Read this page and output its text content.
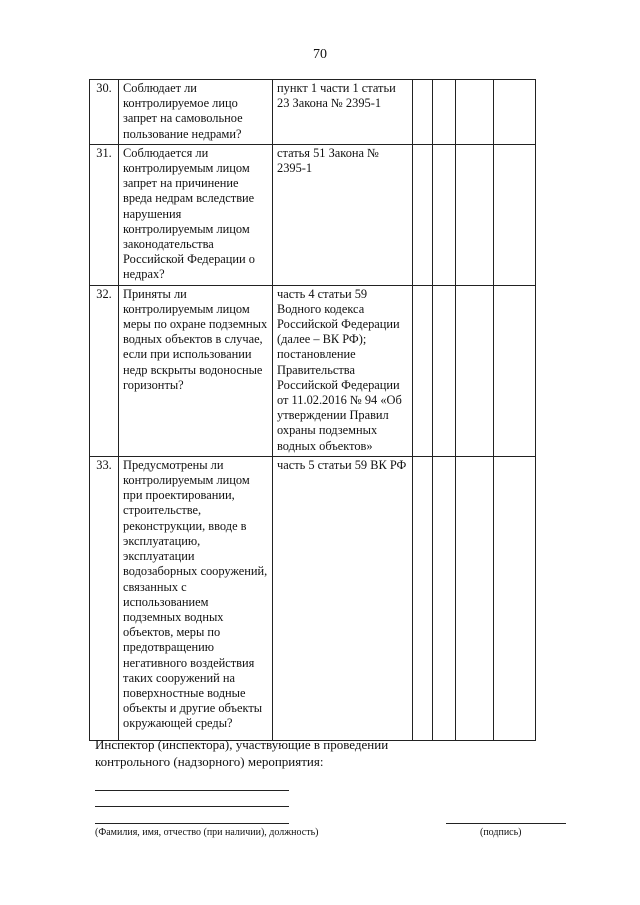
70
30.	Соблюдает ли контролируемое лицо запрет на самовольное пользование недрами?	пункт 1 части 1 статьи 23 Закона № 2395-1				
31.	Соблюдается ли контролируемым лицом запрет на причинение вреда недрам вследствие нарушения контролируемым лицом законодательства Российской Федерации о недрах?	статья 51 Закона № 2395-1				
32.	Приняты ли контролируемым лицом меры по охране подземных водных объектов в случае, если при использовании недр вскрыты водоносные горизонты?	часть 4 статьи 59 Водного кодекса Российской Федерации (далее – ВК РФ); постановление Правительства Российской Федерации от 11.02.2016 № 94 «Об утверждении Правил охраны подземных водных объектов»				
33.	Предусмотрены ли контролируемым лицом при проектировании, строительстве, реконструкции, вводе в эксплуатацию, эксплуатации водозаборных сооружений, связанных с использованием подземных водных объектов, меры по предотвращению негативного воздействия таких сооружений на поверхностные водные объекты и другие объекты окружающей среды?	часть 5 статьи 59 ВК РФ				
Инспектор (инспектора), участвующие в проведении контрольного (надзорного) мероприятия:
(Фамилия, имя, отчество (при наличии), должность)	(подпись)
